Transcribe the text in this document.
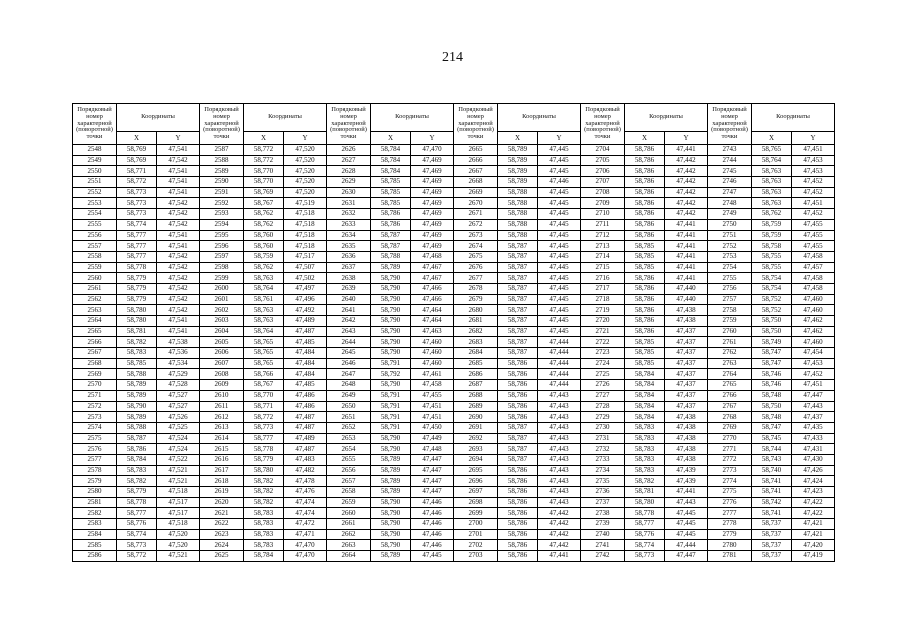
214
Порядковый номер характерной (поворотной) точки	Координаты		Порядковый номер характерной (поворотной) точки	Координаты		Порядковый номер характерной (поворотной) точки	Координаты		Порядковый номер характерной (поворотной) точки	Координаты		Порядковый номер характерной (поворотной) точки	Координаты		Порядковый номер характерной (поворотной) точки	Координаты	
	X	Y		X	Y		X	Y		X	Y		X	Y		X	Y
2548	58,769	47,541	2587	58,772	47,520	2626	58,784	47,470	2665	58,789	47,445	2704	58,786	47,441	2743	58,765	47,451
2549	58,769	47,542	2588	58,772	47,520	2627	58,784	47,469	2666	58,789	47,445	2705	58,786	47,442	2744	58,764	47,453
2550	58,771	47,541	2589	58,770	47,520	2628	58,784	47,469	2667	58,789	47,445	2706	58,786	47,442	2745	58,763	47,453
2551	58,772	47,541	2590	58,770	47,520	2629	58,785	47,469	2668	58,789	47,446	2707	58,786	47,442	2746	58,763	47,452
2552	58,773	47,541	2591	58,769	47,520	2630	58,785	47,469	2669	58,788	47,445	2708	58,786	47,442	2747	58,763	47,452
2553	58,773	47,542	2592	58,767	47,519	2631	58,785	47,469	2670	58,788	47,445	2709	58,786	47,442	2748	58,763	47,451
2554	58,773	47,542	2593	58,762	47,518	2632	58,786	47,469	2671	58,788	47,445	2710	58,786	47,442	2749	58,762	47,452
2555	58,774	47,542	2594	58,762	47,518	2633	58,786	47,469	2672	58,788	47,445	2711	58,786	47,441	2750	58,759	47,455
2556	58,777	47,541	2595	58,760	47,518	2634	58,787	47,469	2673	58,788	47,445	2712	58,786	47,441	2751	58,759	47,455
2557	58,777	47,541	2596	58,760	47,518	2635	58,787	47,469	2674	58,787	47,445	2713	58,785	47,441	2752	58,758	47,455
2558	58,777	47,542	2597	58,759	47,517	2636	58,788	47,468	2675	58,787	47,445	2714	58,785	47,441	2753	58,755	47,458
2559	58,778	47,542	2598	58,762	47,507	2637	58,789	47,467	2676	58,787	47,445	2715	58,785	47,441	2754	58,755	47,457
2560	58,779	47,542	2599	58,763	47,502	2638	58,790	47,467	2677	58,787	47,445	2716	58,786	47,441	2755	58,754	47,458
2561	58,779	47,542	2600	58,764	47,497	2639	58,790	47,466	2678	58,787	47,445	2717	58,786	47,440	2756	58,754	47,458
2562	58,779	47,542	2601	58,761	47,496	2640	58,790	47,466	2679	58,787	47,445	2718	58,786	47,440	2757	58,752	47,460
2563	58,780	47,542	2602	58,763	47,492	2641	58,790	47,464	2680	58,787	47,445	2719	58,786	47,438	2758	58,752	47,460
2564	58,780	47,541	2603	58,763	47,489	2642	58,790	47,464	2681	58,787	47,445	2720	58,786	47,438	2759	58,750	47,462
2565	58,781	47,541	2604	58,764	47,487	2643	58,790	47,463	2682	58,787	47,445	2721	58,786	47,437	2760	58,750	47,462
2566	58,782	47,538	2605	58,765	47,485	2644	58,790	47,460	2683	58,787	47,444	2722	58,785	47,437	2761	58,749	47,460
2567	58,783	47,536	2606	58,765	47,484	2645	58,790	47,460	2684	58,787	47,444	2723	58,785	47,437	2762	58,747	47,454
2568	58,785	47,534	2607	58,765	47,484	2646	58,791	47,460	2685	58,786	47,444	2724	58,785	47,437	2763	58,747	47,453
2569	58,788	47,529	2608	58,766	47,484	2647	58,792	47,461	2686	58,786	47,444	2725	58,784	47,437	2764	58,746	47,452
2570	58,789	47,528	2609	58,767	47,485	2648	58,790	47,458	2687	58,786	47,444	2726	58,784	47,437	2765	58,746	47,451
2571	58,789	47,527	2610	58,770	47,486	2649	58,791	47,455	2688	58,786	47,443	2727	58,784	47,437	2766	58,748	47,447
2572	58,790	47,527	2611	58,771	47,486	2650	58,791	47,451	2689	58,786	47,443	2728	58,784	47,437	2767	58,750	47,443
2573	58,789	47,526	2612	58,772	47,487	2651	58,791	47,451	2690	58,786	47,443	2729	58,784	47,438	2768	58,748	47,437
2574	58,788	47,525	2613	58,773	47,487	2652	58,791	47,450	2691	58,787	47,443	2730	58,783	47,438	2769	58,747	47,435
2575	58,787	47,524	2614	58,777	47,489	2653	58,790	47,449	2692	58,787	47,443	2731	58,783	47,438	2770	58,745	47,433
2576	58,786	47,524	2615	58,778	47,487	2654	58,790	47,448	2693	58,787	47,443	2732	58,783	47,438	2771	58,744	47,431
2577	58,784	47,522	2616	58,779	47,483	2655	58,789	47,447	2694	58,787	47,443	2733	58,783	47,438	2772	58,743	47,430
2578	58,783	47,521	2617	58,780	47,482	2656	58,789	47,447	2695	58,786	47,443	2734	58,783	47,439	2773	58,740	47,426
2579	58,782	47,521	2618	58,782	47,478	2657	58,789	47,447	2696	58,786	47,443	2735	58,782	47,439	2774	58,741	47,424
2580	58,779	47,518	2619	58,782	47,476	2658	58,789	47,447	2697	58,786	47,443	2736	58,781	47,441	2775	58,741	47,423
2581	58,778	47,517	2620	58,782	47,474	2659	58,790	47,446	2698	58,786	47,443	2737	58,780	47,443	2776	58,742	47,422
2582	58,777	47,517	2621	58,783	47,474	2660	58,790	47,446	2699	58,786	47,442	2738	58,778	47,445	2777	58,741	47,422
2583	58,776	47,518	2622	58,783	47,472	2661	58,790	47,446	2700	58,786	47,442	2739	58,777	47,445	2778	58,737	47,421
2584	58,774	47,520	2623	58,783	47,471	2662	58,790	47,446	2701	58,786	47,442	2740	58,776	47,445	2779	58,737	47,421
2585	58,773	47,520	2624	58,783	47,470	2663	58,790	47,446	2702	58,786	47,442	2741	58,774	47,444	2780	58,737	47,420
2586	58,772	47,521	2625	58,784	47,470	2664	58,789	47,445	2703	58,786	47,441	2742	58,773	47,447	2781	58,737	47,419
